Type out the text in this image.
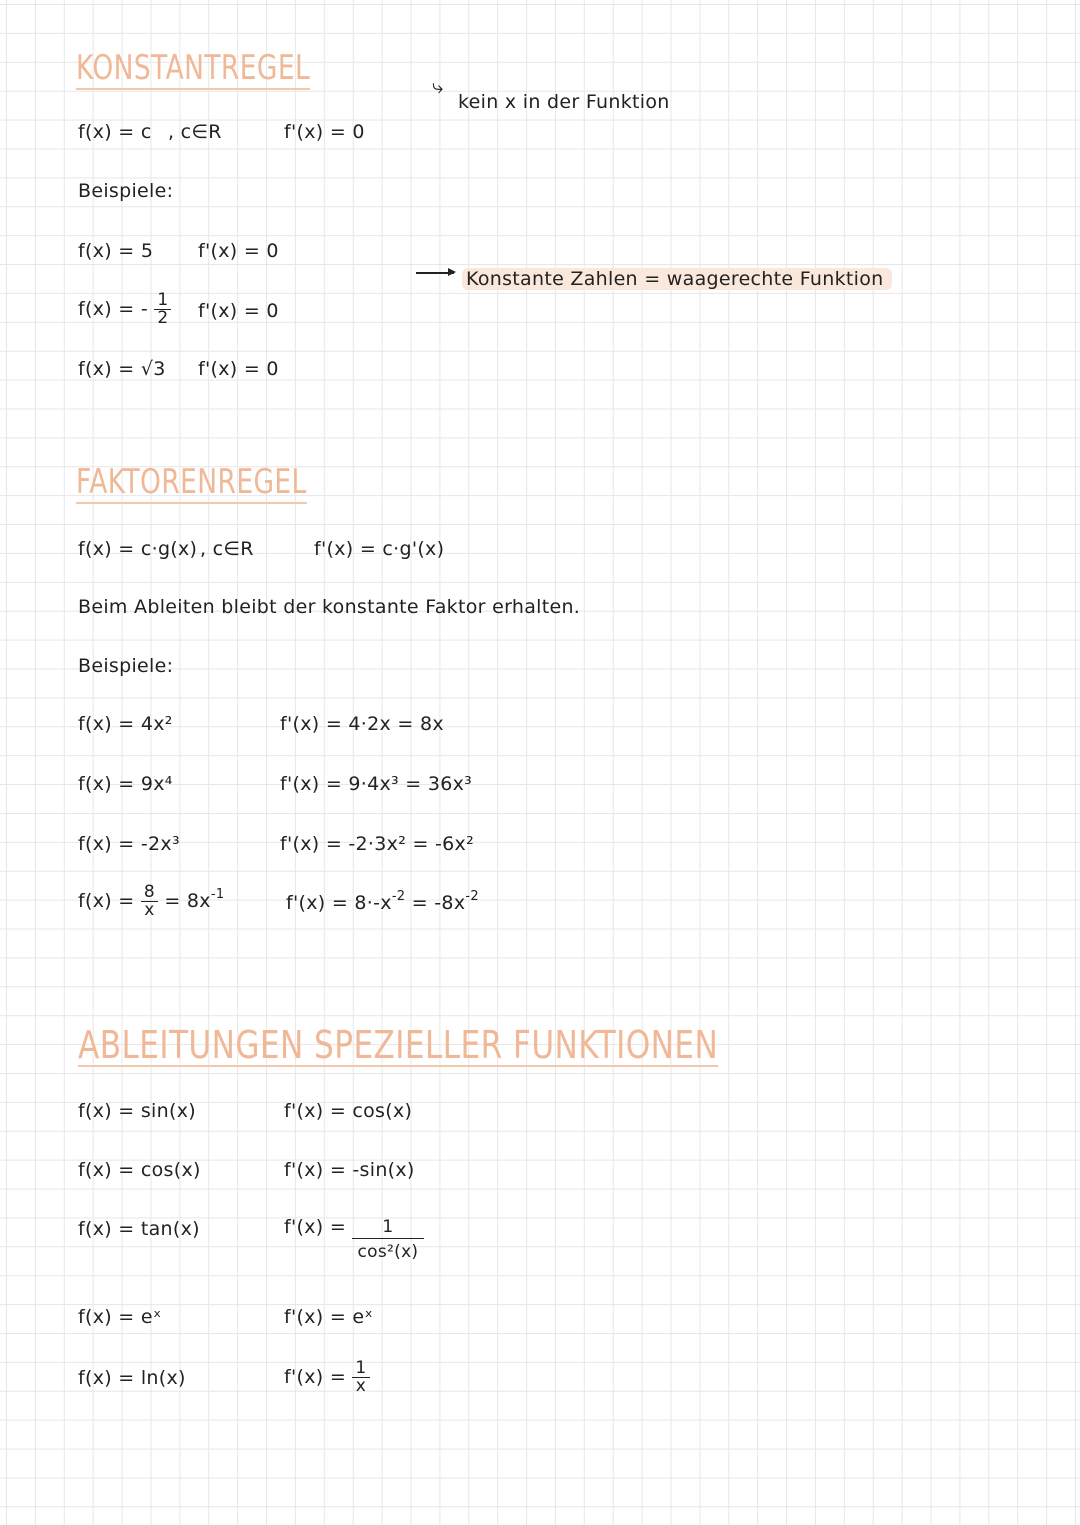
KONSTANTREGEL	⤷
kein x in der Funktion
f(x) = c , c∈R	f'(x) = 0
Beispiele:
f(x) = 5 f'(x) = 0
f(x) = - $\frac{1}{2} f'(x) = 0$
f(x) = √3 f'(x) = 0
Konstante Zahlen = waagerechte Funktion
FAKTORENREGEL
f(x) = c·g(x) , c∈R	f'(x) = c·g'(x)
Beim Ableiten bleibt der konstante Faktor erhalten.
Beispiele:
f(x) = 4x²	f'(x) = 4·2x = 8x
f(x) = 9x⁴	f'(x) = 9·4x³ = 36x³
f(x) = -2x³	f'(x) = -2·3x² = -6x²
$f(x) = \frac{8}{x} = 8x^{-1}$	$f'(x) = 8\cdot-x^{-2} = -8x^{-2}$
ABLEITUNGEN SPEZIELLER FUNKTIONEN
f(x) = sin(x)	f'(x) = cos(x)
f(x) = cos(x)	f'(x) = -sin(x)
f(x) = tan(x)	$f'(x) = \frac{1}{\text{cos²(x)}}$
f(x) = eˣ	f'(x) = eˣ
f(x) = ln(x)	$f'(x) = \frac{1}{x}$
